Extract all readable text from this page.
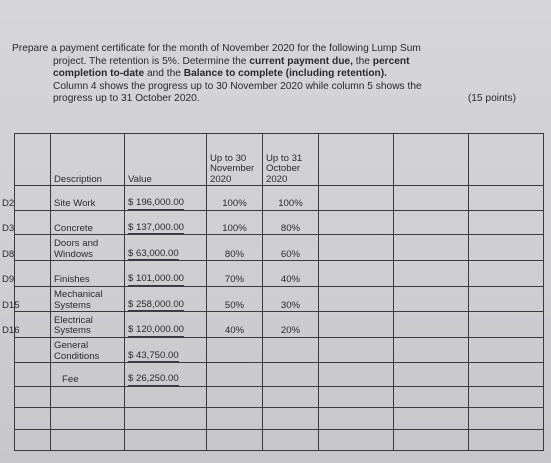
Prepare a payment certificate for the month of November 2020 for the following Lump Sum
project. The retention is 5%. Determine the current payment due, the percent
completion to-date and the Balance to complete (including retention).
Column 4 shows the progress up to 30 November 2020 while column 5 shows the
progress up to 31 October 2020.	(15 points)
	Description	Value	Up to 30
November
2020	Up to 31
October
2020			
D2	Site Work	$ 196,000.00	100%	100%			
D3	Concrete	$ 137,000.00	100%	80%			
D8	Doors and
Windows	$ 63,000.00	80%	60%			
D9	Finishes	$ 101,000.00	70%	40%			
D15	Mechanical
Systems	$ 258,000.00	50%	30%			
D16	Electrical
Systems	$ 120,000.00	40%	20%			
	General
Conditions	$ 43,750.00					

Fee	$ 26,250.00					
